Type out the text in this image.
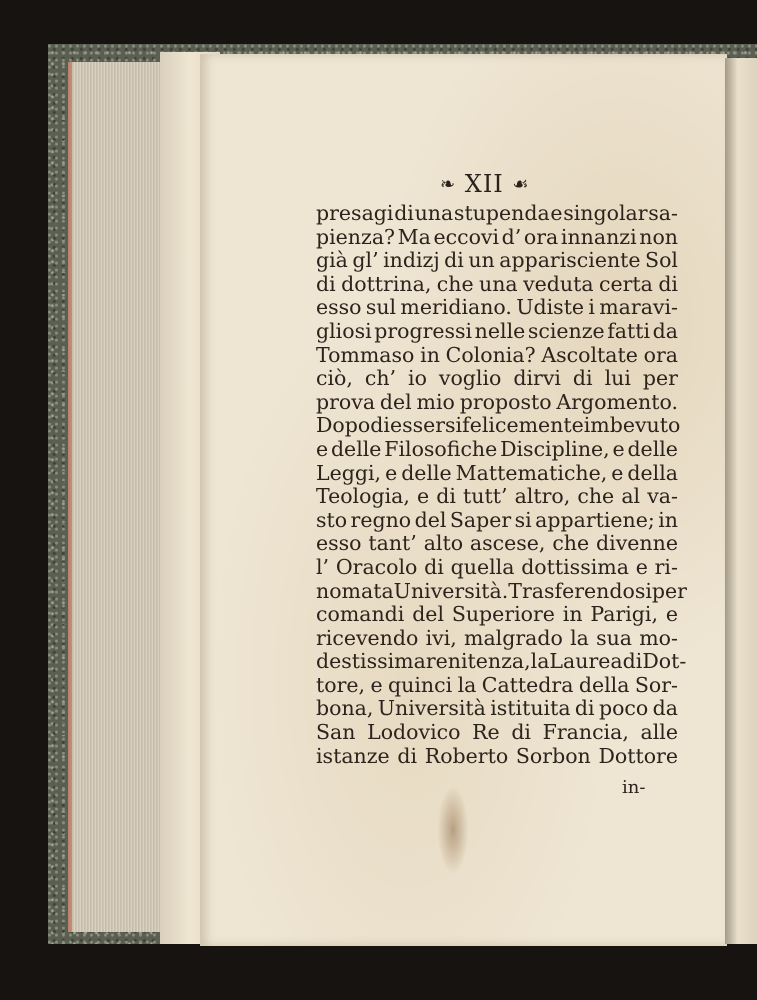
❧ XII ☙
presagi di una stupenda e singolar sa-
pienza? Ma eccovi d’ ora innanzi non
già gl’ indizj di un apparisciente Sol
di dottrina, che una veduta certa di
esso sul meridiano. Udiste i maravi-
gliosi progressi nelle scienze fatti da
Tommaso in Colonia? Ascoltate ora
ciò, ch’ io voglio dirvi di lui per
prova del mio proposto Argomento.
Dopo di essersi felicemente imbevuto
e delle Filosofiche Discipline, e delle
Leggi, e delle Mattematiche, e della
Teologia, e di tutt’ altro, che al va-
sto regno del Saper si appartiene; in
esso tant’ alto ascese, che divenne
l’ Oracolo di quella dottissima e ri-
nomata Università. Trasferendosi per
comandi del Superiore in Parigi, e
ricevendo ivi, malgrado la sua mo-
destissima renitenza, la Laurea di Dot-
tore, e quinci la Cattedra della Sor-
bona, Università istituita di poco da
San Lodovico Re di Francia, alle
istanze di Roberto Sorbon Dottore
in-
